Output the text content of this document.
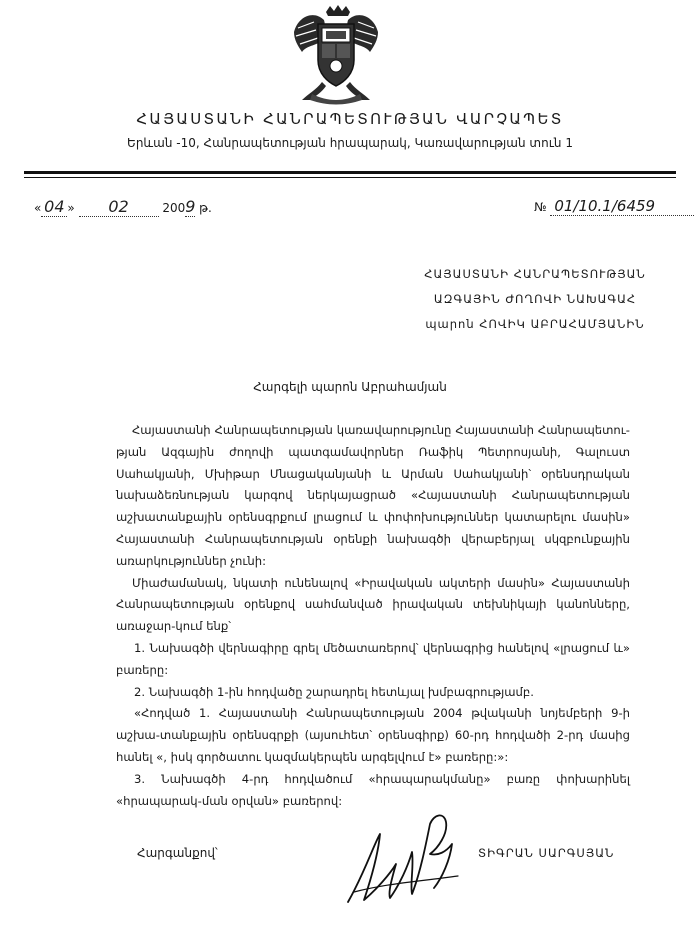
ՀԱՅԱՍՏԱՆԻ ՀԱՆՐԱՊԵՏՈՒԹՅԱՆ ՎԱՐՉԱՊԵՏ

Երևան -10, Հանրապետության հրապարակ, Կառավարության տուն 1

« 04 » 02	2009 թ.	№ 01/10.1/6459
ՀԱՅԱՍՏԱՆԻ ՀԱՆՐԱՊԵՏՈՒԹՅԱՆ
ԱԶԳԱՅԻՆ ԺՈՂՈՎԻ ՆԱԽԱԳԱՀ
պարոն ՀՈՎԻԿ ԱԲՐԱՀԱՄՅԱՆԻՆ
Հարգելի պարոն Աբրահամյան

Հայաստանի Հանրապետության կառավարությունը Հայաստանի Հանրապետու-թյան Ազգային ժողովի պատգամավորներ Ռաֆիկ Պետրոսյանի, Գալուստ Սահակյանի, Մխիթար Մնացականյանի և Արման Սահակյանի՝ օրենսդրական նախաձեռնության կարգով ներկայացրած «Հայաստանի Հանրապետության աշխատանքային օրենսգրքում լրացում և փոփոխություններ կատարելու մասին» Հայաստանի Հանրապետության օրենքի նախագծի վերաբերյալ սկզբունքային առարկություններ չունի:

Միաժամանակ, նկատի ունենալով «Իրավական ակտերի մասին» Հայաստանի Հանրապետության օրենքով սահմանված իրավական տեխնիկայի կանոնները, առաջար-կում ենք՝

1. Նախագծի վերնագիրը գրել մեծատառերով՝ վերնագրից հանելով «լրացում և» բառերը:

2. Նախագծի 1-ին հոդվածը շարադրել հետևյալ խմբագրությամբ.

«Հոդված 1. Հայաստանի Հանրապետության 2004 թվականի նոյեմբերի 9-ի աշխա-տանքային օրենսգրքի (այսուհետ՝ օրենսգիրք) 60-րդ հոդվածի 2-րդ մասից հանել «, իսկ գործատու կազմակերպեն արգելվում է» բառերը:»:

3. Նախագծի 4-րդ հոդվածում «հրապարակմանը» բառը փոխարինել «հրապարակ-ման օրվան» բառերով:

Հարգանքով՝	ՏԻԳՐԱՆ ՍԱՐԳՍՅԱՆ
